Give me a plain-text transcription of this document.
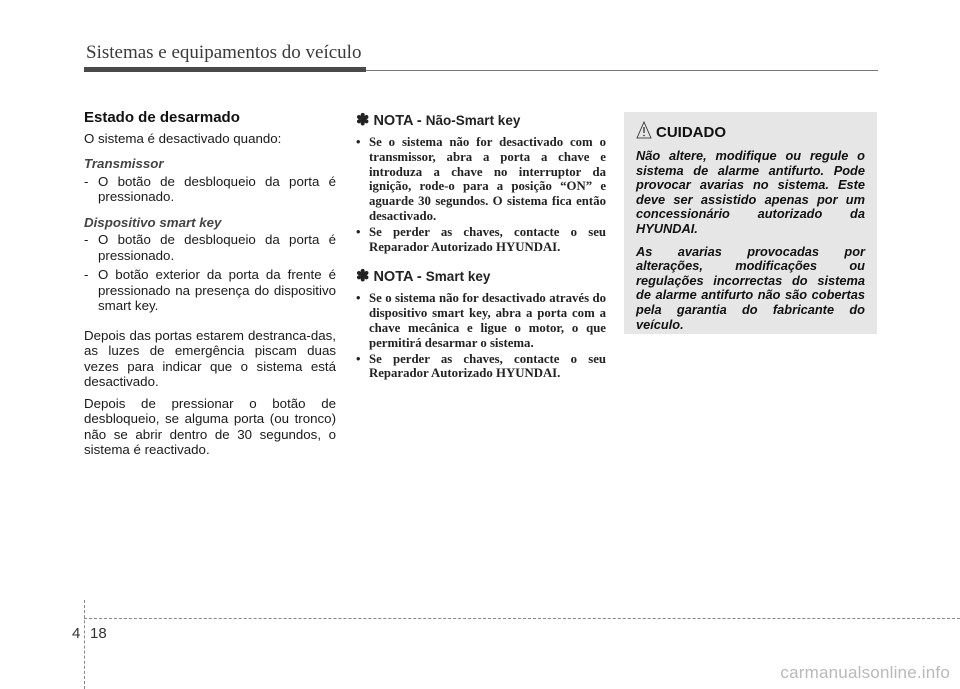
Sistemas e equipamentos do veículo
Estado de desarmado
O sistema é desactivado quando:
Transmissor
- O botão de desbloqueio da porta é pressionado.
Dispositivo smart key
- O botão de desbloqueio da porta é pressionado.
- O botão exterior da porta da frente é pressionado na presença do dispositivo smart key.
Depois das portas estarem destranca-das, as luzes de emergência piscam duas vezes para indicar que o sistema está desactivado.
Depois de pressionar o botão de desbloqueio, se alguma porta (ou tronco) não se abrir dentro de 30 segundos, o sistema é reactivado.
✽ NOTA - Não-Smart key
• Se o sistema não for desactivado com o transmissor, abra a porta a chave e introduza a chave no interruptor da ignição, rode-o para a posição “ON” e aguarde 30 segundos. O sistema fica então desactivado.
• Se perder as chaves, contacte o seu Reparador Autorizado HYUNDAI.
✽ NOTA - Smart key
• Se o sistema não for desactivado através do dispositivo smart key, abra a porta com a chave mecânica e ligue o motor, o que permitirá desarmar o sistema.
• Se perder as chaves, contacte o seu Reparador Autorizado HYUNDAI.
CUIDADO

Não altere, modifique ou regule o sistema de alarme antifurto. Pode provocar avarias no sistema. Este deve ser assistido apenas por um concessionário autorizado da HYUNDAI.

As avarias provocadas por alterações, modificações ou regulações incorrectas do sistema de alarme antifurto não são cobertas pela garantia do fabricante do veículo.

4 18
carmanualsonline.info
